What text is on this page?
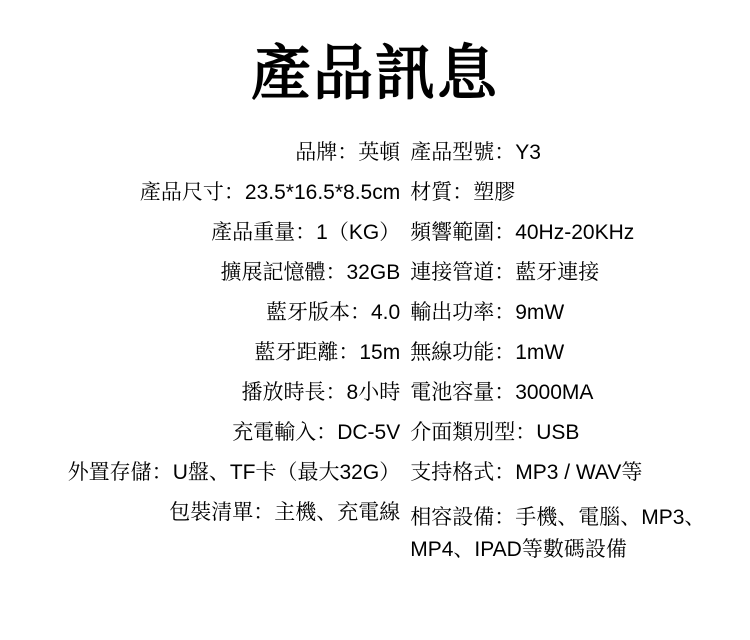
產品訊息
品牌：英頓
產品尺寸：23.5*16.5*8.5cm
產品重量：1（KG）
擴展記憶體：32GB
藍牙版本：4.0
藍牙距離：15m
播放時長：8小時
充電輸入：DC-5V
外置存儲：U盤、TF卡（最大32G）
包裝清單：主機、充電線
產品型號：Y3
材質：塑膠
頻響範圍：40Hz-20KHz
連接管道：藍牙連接
輸出功率：9mW
無線功能：1mW
電池容量：3000MA
介面類別型：USB
支持格式：MP3 / WAV等
相容設備：手機、電腦、MP3、MP4、IPAD等數碼設備
